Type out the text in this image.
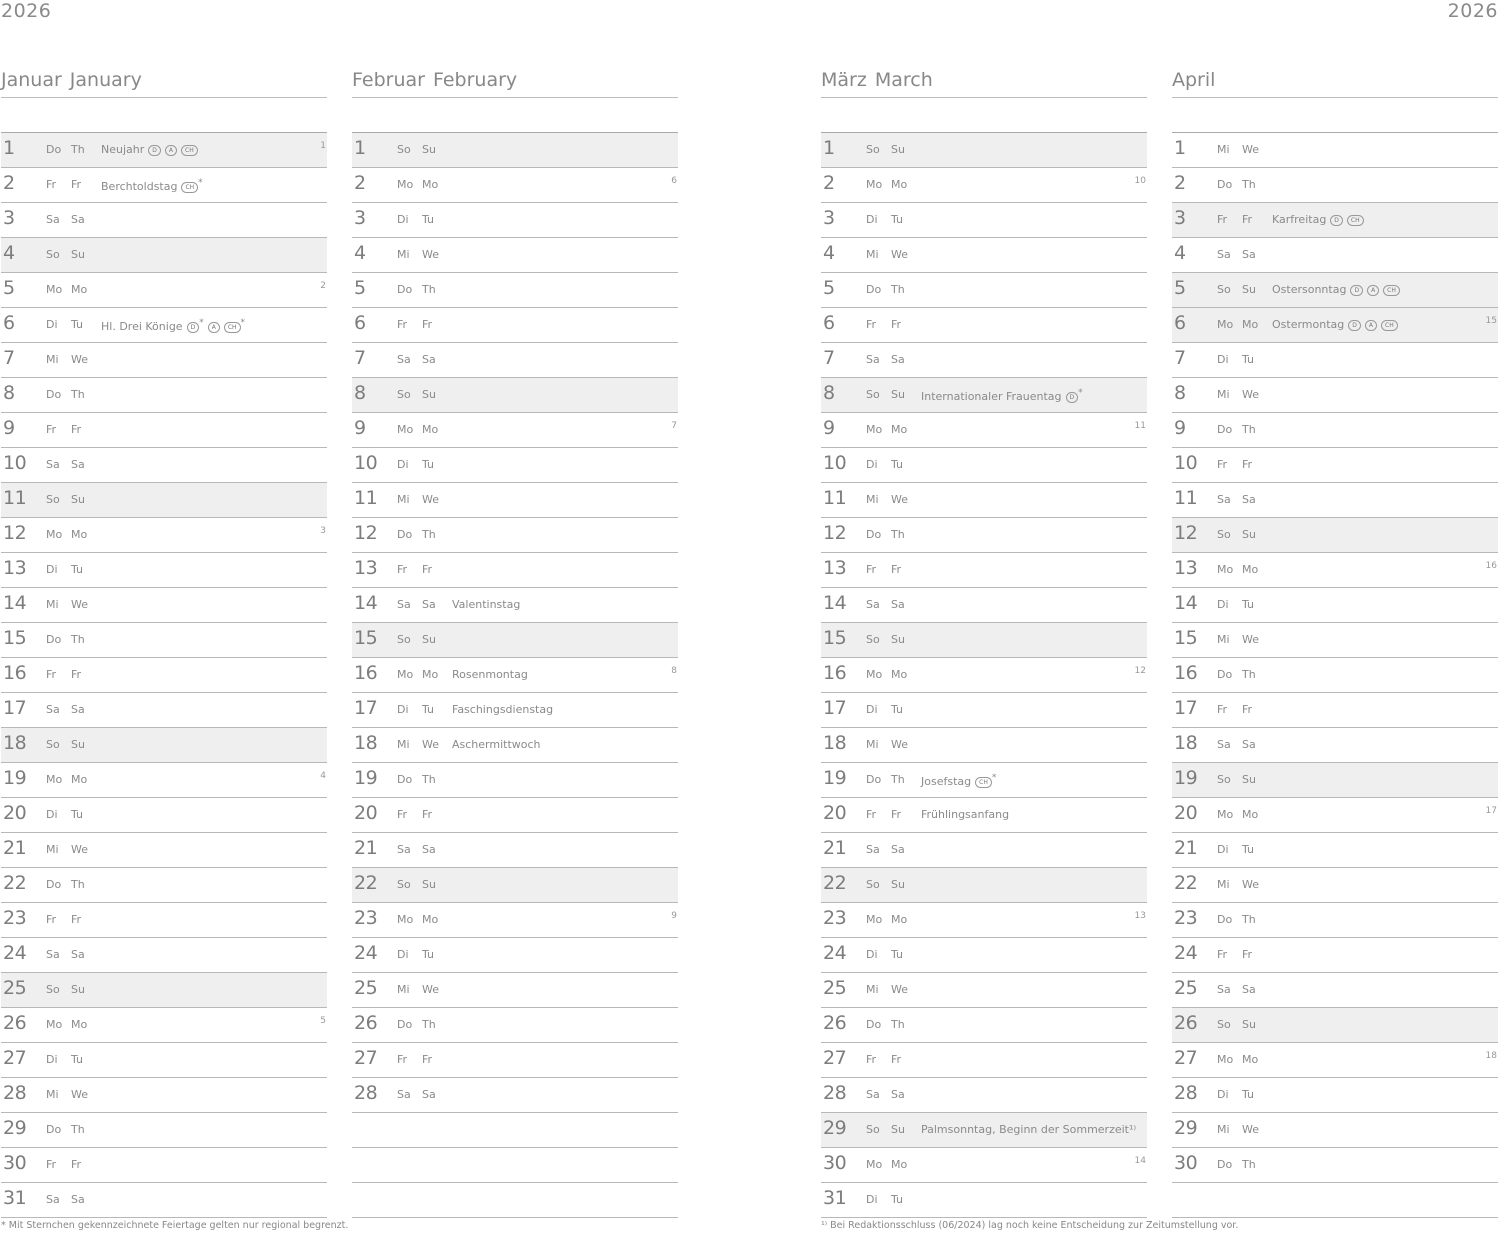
2026	2026
Januar January
1	Do Th Neujahr D A CH	1
2	Fr Fr Berchtoldstag CH *
3	Sa Sa
4	So Su
5	Mo Mo	2
6	Di Tu Hl. Drei Könige D * A CH *
7	Mi We
8	Do Th
9	Fr Fr
10 Sa Sa
11 So Su
12 Mo Mo	3
13 Di Tu
14 Mi We
15 Do Th
16 Fr Fr
17 Sa Sa
18 So Su
19 Mo Mo	4
20 Di Tu
21 Mi We
22 Do Th
23 Fr Fr
24 Sa Sa
25 So Su
26 Mo Mo	5
27 Di Tu
28 Mi We
29 Do Th
30 Fr Fr
31 Sa Sa
Februar February
1	So Su
2	Mo Mo	6
3	Di Tu
4	Mi We
5	Do Th
6	Fr Fr
7	Sa Sa
8	So Su
9	Mo Mo	7
10 Di Tu
11 Mi We
12 Do Th
13 Fr Fr
14 Sa Sa Valentinstag
15 So Su
16 Mo Mo Rosenmontag	8
17 Di Tu Faschingsdienstag
18 Mi We Aschermittwoch
19 Do Th
20 Fr Fr
21 Sa Sa
22 So Su
23 Mo Mo	9
24 Di Tu
25 Mi We
26 Do Th
27 Fr Fr
28 Sa Sa
März March
1	So Su
2	Mo Mo	10
3	Di Tu
4	Mi We
5	Do Th
6	Fr Fr
7	Sa Sa
8	So Su Internationaler Frauentag D *
9	Mo Mo	11
10 Di Tu
11 Mi We
12 Do Th
13 Fr Fr
14 Sa Sa
15 So Su
16 Mo Mo	12
17 Di Tu
18 Mi We
19 Do Th Josefstag CH *
20 Fr Fr Frühlingsanfang
21 Sa Sa
22 So Su
23 Mo Mo	13
24 Di Tu
25 Mi We
26 Do Th
27 Fr Fr
28 Sa Sa
29 So Su Palmsonntag, Beginn der Sommerzeit¹⁾
30 Mo Mo	14
31 Di Tu
April
1	Mi We
2	Do Th
3	Fr Fr Karfreitag D CH
4	Sa Sa
5	So Su Ostersonntag D A CH
6	Mo Mo Ostermontag D A CH	15
7	Di Tu
8	Mi We
9	Do Th
10 Fr Fr
11 Sa Sa
12 So Su
13 Mo Mo	16
14 Di Tu
15 Mi We
16 Do Th
17 Fr Fr
18 Sa Sa
19 So Su
20 Mo Mo	17
21 Di Tu
22 Mi We
23 Do Th
24 Fr Fr
25 Sa Sa
26 So Su
27 Mo Mo	18
28 Di Tu
29 Mi We
30 Do Th
* Mit Sternchen gekennzeichnete Feiertage gelten nur regional begrenzt.	¹⁾ Bei Redaktionsschluss (06/2024) lag noch keine Entscheidung zur Zeitumstellung vor.
